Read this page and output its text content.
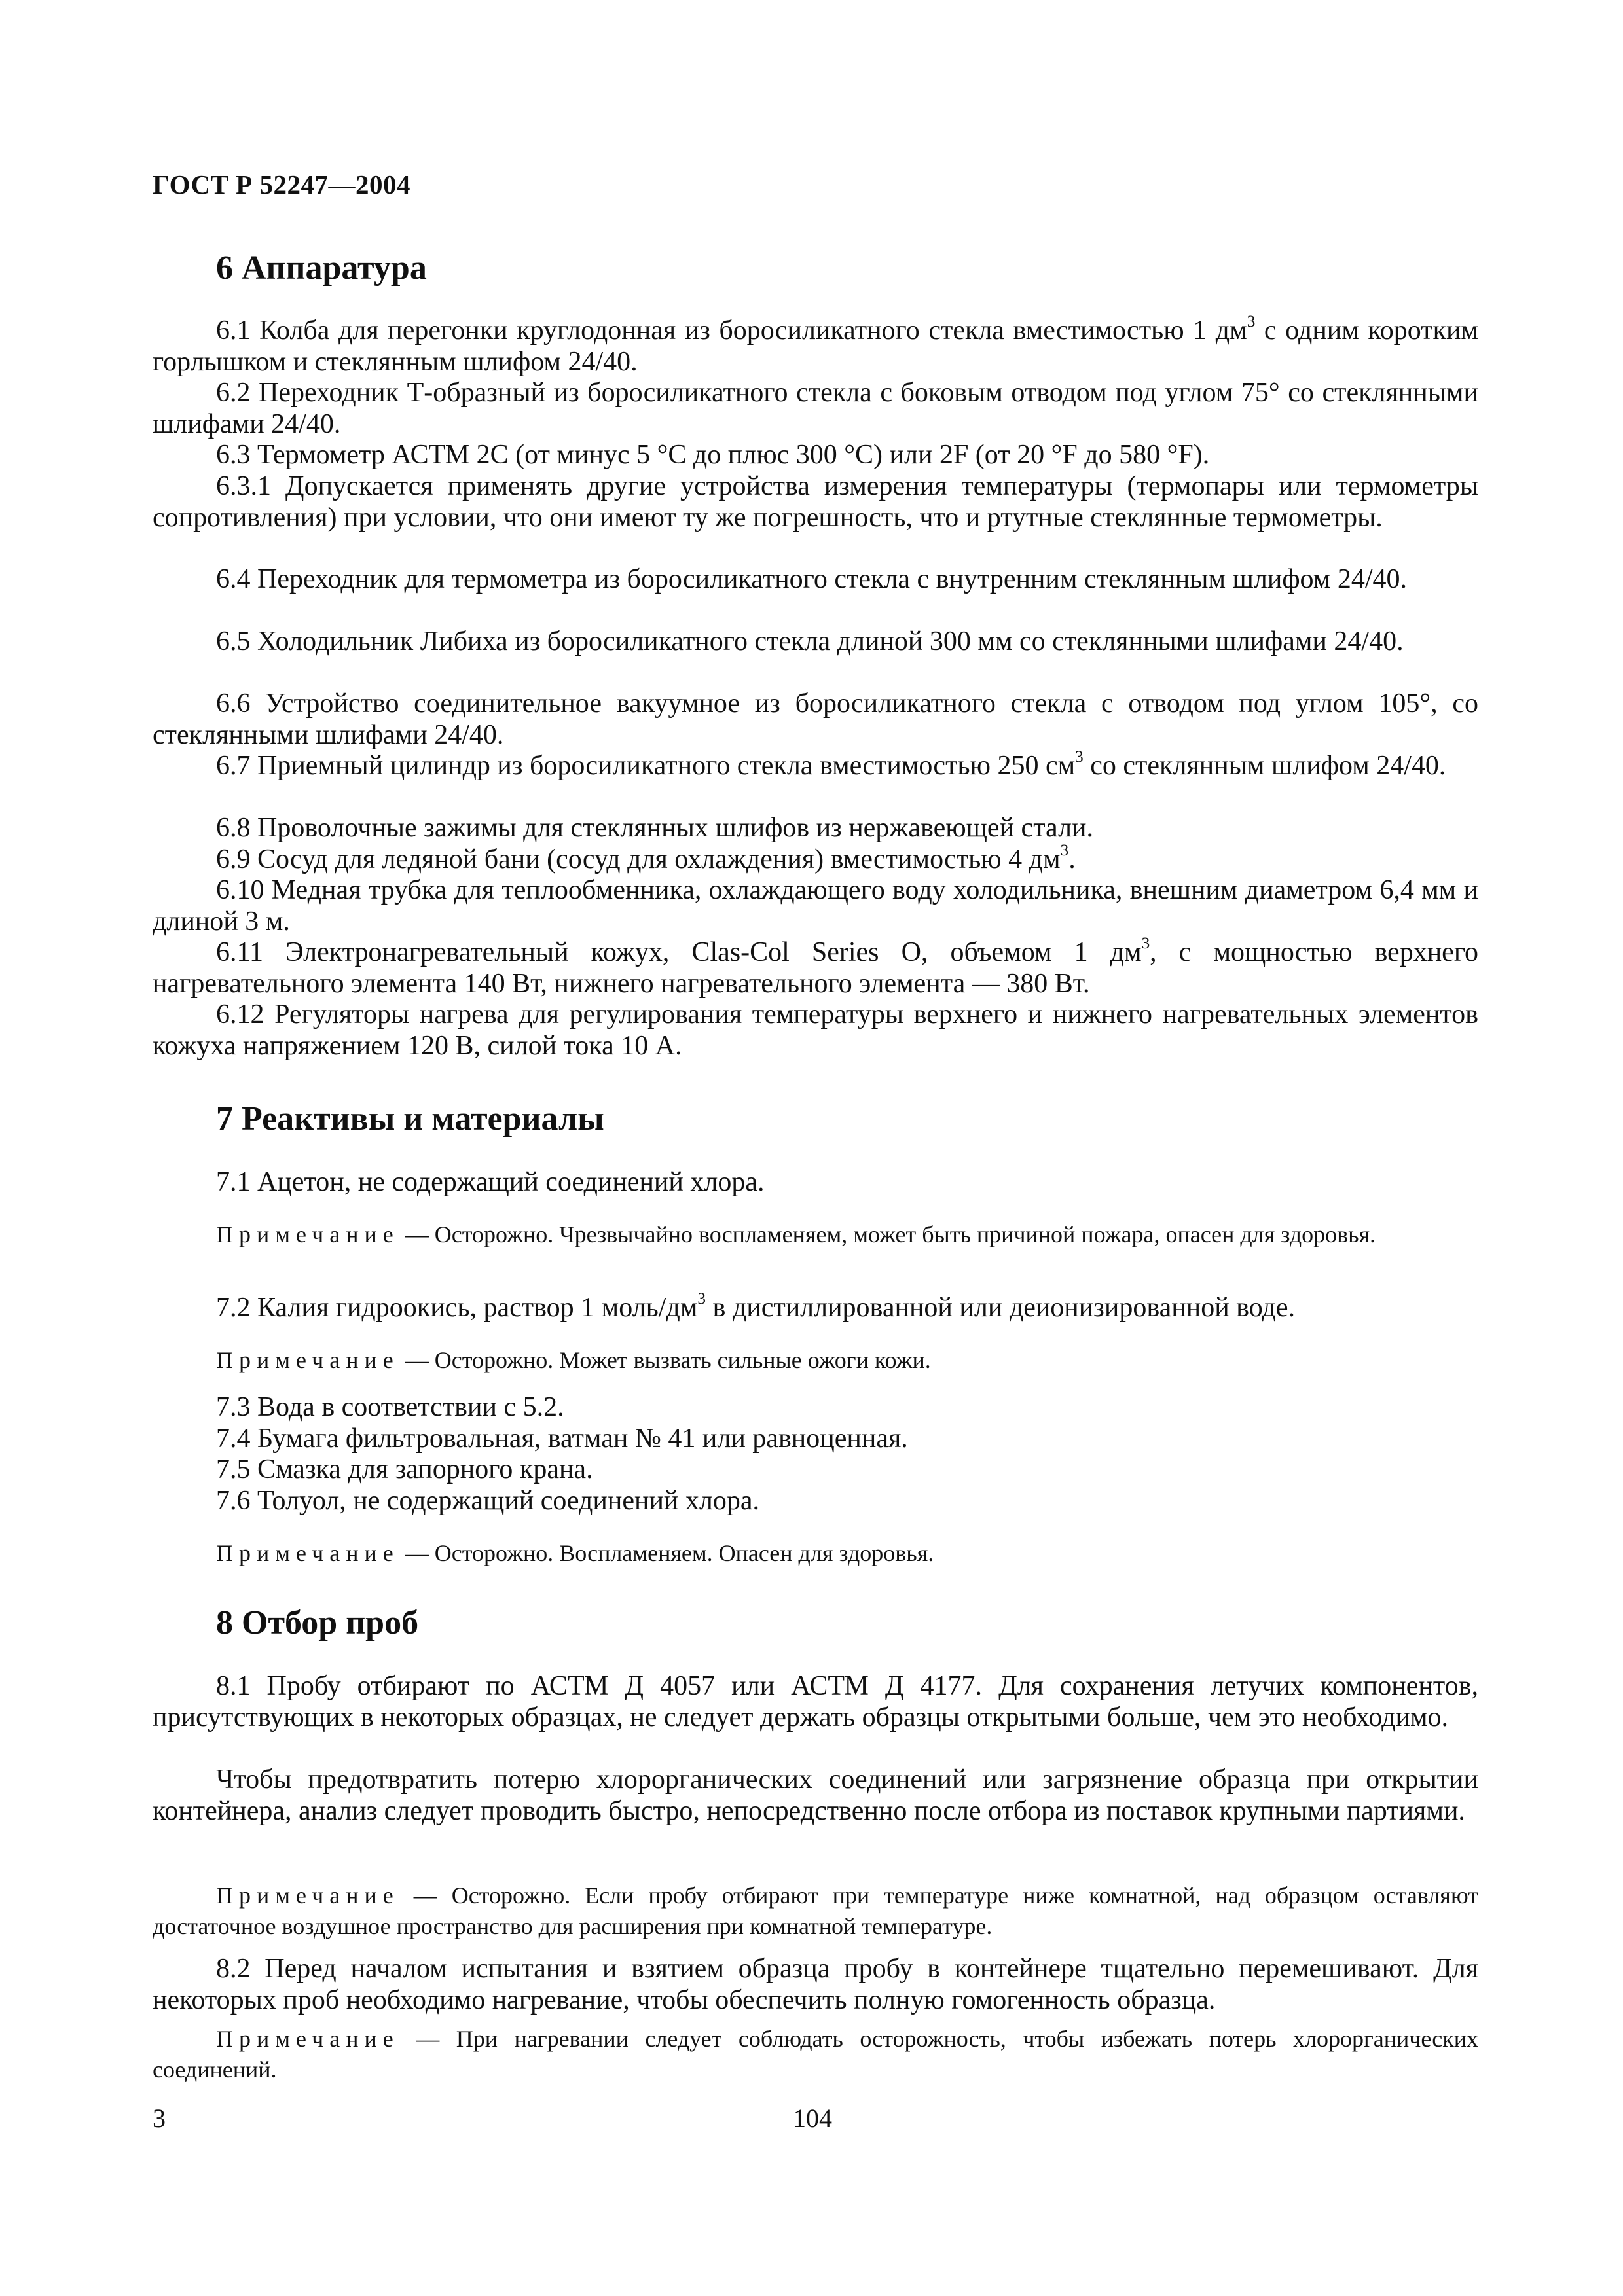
ГОСТ Р 52247—2004
6 Аппаратура
6.1 Колба для перегонки круглодонная из боросиликатного стекла вместимостью 1 $дм^3$ с одним коротким горлышком и стеклянным шлифом 24/40.
6.2 Переходник Т-образный из боросиликатного стекла с боковым отводом под углом 75° со стеклянными шлифами 24/40.
6.3 Термометр АСТМ 2С (от минус 5 °С до плюс 300 °С) или 2F (от 20 °F до 580 °F).
6.3.1 Допускается применять другие устройства измерения температуры (термопары или термометры сопротивления) при условии, что они имеют ту же погрешность, что и ртутные стеклянные термометры.
6.4 Переходник для термометра из боросиликатного стекла с внутренним стеклянным шлифом 24/40.
6.5 Холодильник Либиха из боросиликатного стекла длиной 300 мм со стеклянными шлифами 24/40.
6.6 Устройство соединительное вакуумное из боросиликатного стекла с отводом под углом 105°, со стеклянными шлифами 24/40.
6.7 Приемный цилиндр из боросиликатного стекла вместимостью 250 $см^3$ со стеклянным шлифом 24/40.
6.8 Проволочные зажимы для стеклянных шлифов из нержавеющей стали.
6.9 Сосуд для ледяной бани (сосуд для охлаждения) вместимостью 4 $дм^3$.
6.10 Медная трубка для теплообменника, охлаждающего воду холодильника, внешним диаметром 6,4 мм и длиной 3 м.
6.11 Электронагревательный кожух, Clas-Col Series O, объемом 1 $дм^3$, с мощностью верхнего нагревательного элемента 140 Вт, нижнего нагревательного элемента — 380 Вт.
6.12 Регуляторы нагрева для регулирования температуры верхнего и нижнего нагревательных элементов кожуха напряжением 120 В, силой тока 10 А.
7 Реактивы и материалы
7.1 Ацетон, не содержащий соединений хлора.
Примечание — Осторожно. Чрезвычайно воспламеняем, может быть причиной пожара, опасен для здоровья.
7.2 Калия гидроокись, раствор 1 моль/$дм^3$ в дистиллированной или деионизированной воде.
Примечание — Осторожно. Может вызвать сильные ожоги кожи.
7.3 Вода в соответствии с 5.2.
7.4 Бумага фильтровальная, ватман № 41 или равноценная.
7.5 Смазка для запорного крана.
7.6 Толуол, не содержащий соединений хлора.
Примечание — Осторожно. Воспламеняем. Опасен для здоровья.
8 Отбор проб
8.1 Пробу отбирают по АСТМ Д 4057 или АСТМ Д 4177. Для сохранения летучих компонентов, присутствующих в некоторых образцах, не следует держать образцы открытыми больше, чем это необходимо.
Чтобы предотвратить потерю хлорорганических соединений или загрязнение образца при открытии контейнера, анализ следует проводить быстро, непосредственно после отбора из поставок крупными партиями.
Примечание — Осторожно. Если пробу отбирают при температуре ниже комнатной, над образцом оставляют достаточное воздушное пространство для расширения при комнатной температуре.
8.2 Перед началом испытания и взятием образца пробу в контейнере тщательно перемешивают. Для некоторых проб необходимо нагревание, чтобы обеспечить полную гомогенность образца.
Примечание — При нагревании следует соблюдать осторожность, чтобы избежать потерь хлорорганических соединений.
3	104
